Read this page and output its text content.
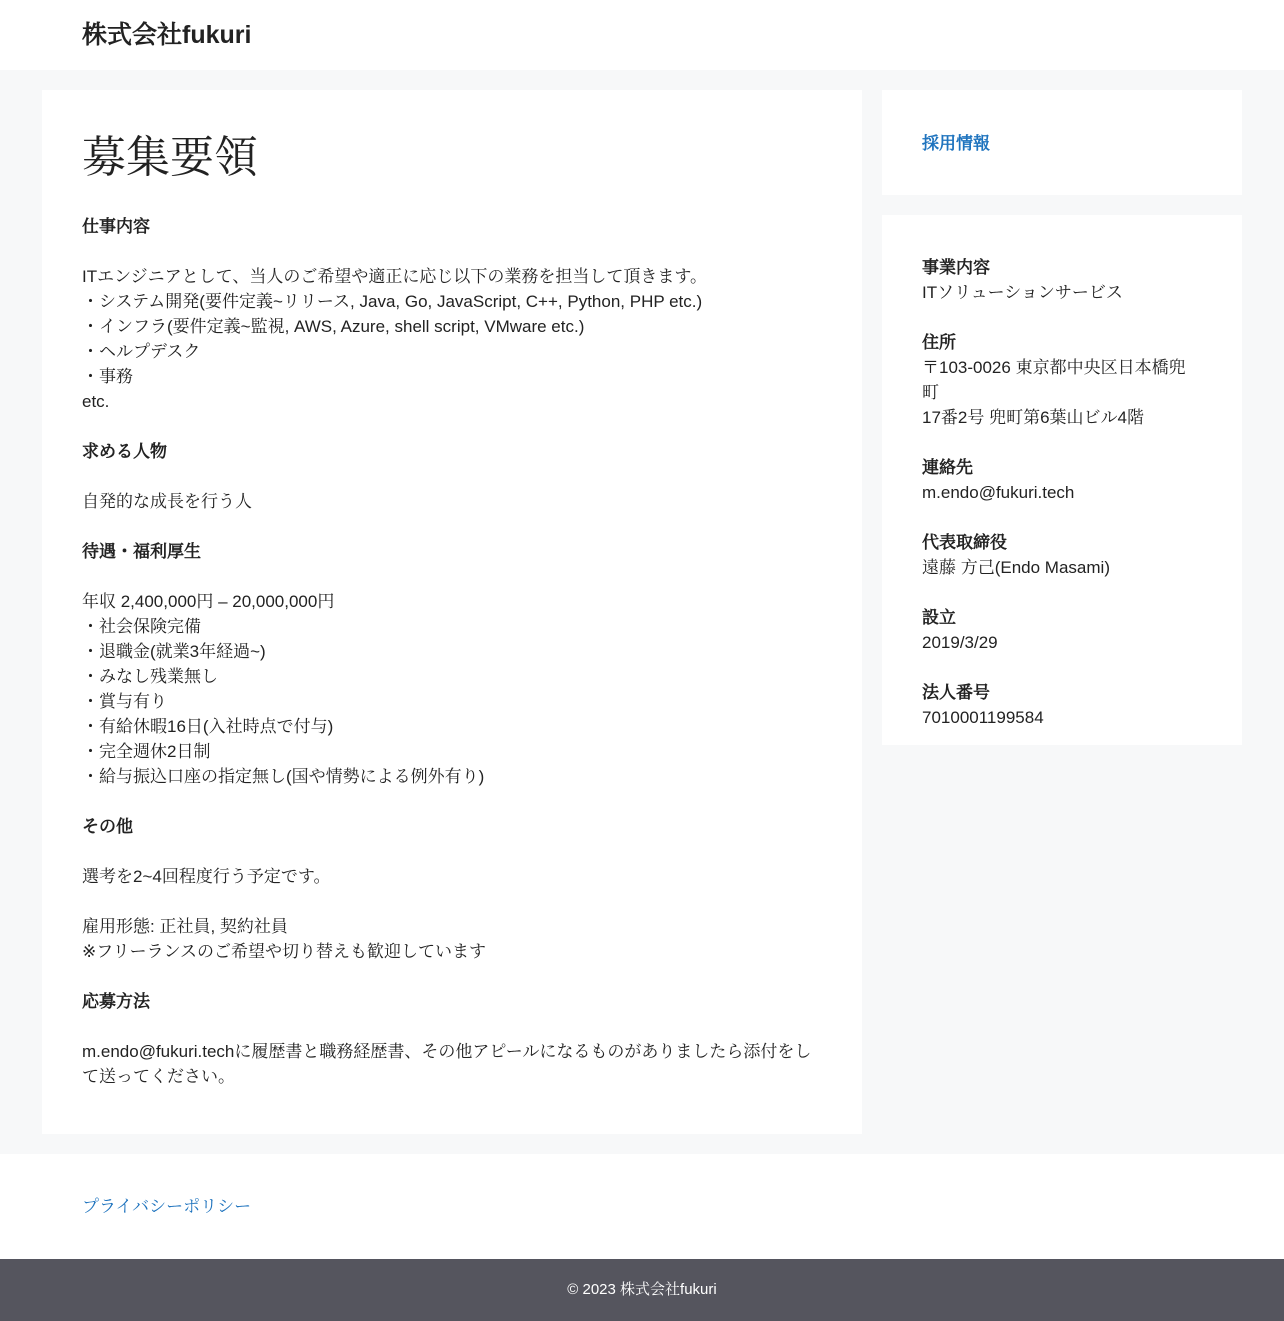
株式会社fukuri
募集要領
仕事内容
ITエンジニアとして、当人のご希望や適正に応じ以下の業務を担当して頂きます。
・システム開発(要件定義~リリース, Java, Go, JavaScript, C++, Python, PHP etc.)
・インフラ(要件定義~監視, AWS, Azure, shell script, VMware etc.)
・ヘルプデスク
・事務
etc.
求める人物
自発的な成長を行う人
待遇・福利厚生
年収 2,400,000円 – 20,000,000円
・社会保険完備
・退職金(就業3年経過~)
・みなし残業無し
・賞与有り
・有給休暇16日(入社時点で付与)
・完全週休2日制
・給与振込口座の指定無し(国や情勢による例外有り)
その他
選考を2~4回程度行う予定です。
雇用形態: 正社員, 契約社員
※フリーランスのご希望や切り替えも歓迎しています
応募方法
m.endo@fukuri.techに履歴書と職務経歴書、その他アピールになるものがありましたら添付をして送ってください。
採用情報
事業内容
ITソリューションサービス
住所
〒103-0026 東京都中央区日本橋兜町
17番2号 兜町第6葉山ビル4階
連絡先
m.endo@fukuri.tech
代表取締役
遠藤 方己(Endo Masami)
設立
2019/3/29
法人番号
7010001199584
プライバシーポリシー
© 2023 株式会社fukuri
